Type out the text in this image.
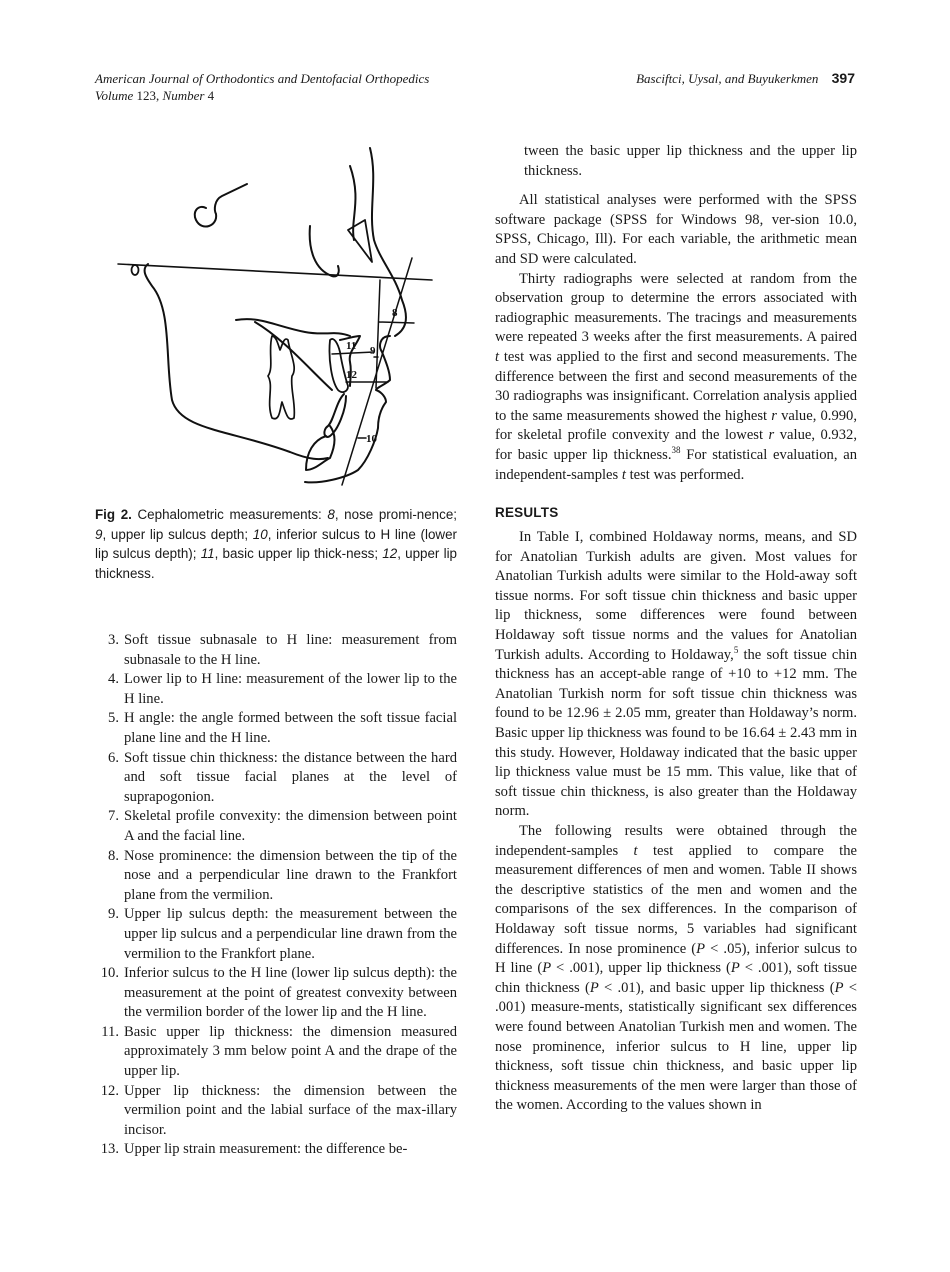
American Journal of Orthodontics and Dentofacial Orthopedics
Volume 123, Number 4
Basciftci, Uysal, and Buyukerkmen 397
8
9
10
11
12
Fig 2. Cephalometric measurements: 8, nose promi-nence; 9, upper lip sulcus depth; 10, inferior sulcus to H line (lower lip sulcus depth); 11, basic upper lip thick-ness; 12, upper lip thickness.
3. Soft tissue subnasale to H line: measurement from subnasale to the H line.
4. Lower lip to H line: measurement of the lower lip to the H line.
5. H angle: the angle formed between the soft tissue facial plane line and the H line.
6. Soft tissue chin thickness: the distance between the hard and soft tissue facial planes at the level of suprapogonion.
7. Skeletal profile convexity: the dimension between point A and the facial line.
8. Nose prominence: the dimension between the tip of the nose and a perpendicular line drawn to the Frankfort plane from the vermilion.
9. Upper lip sulcus depth: the measurement between the upper lip sulcus and a perpendicular line drawn from the vermilion to the Frankfort plane.
10. Inferior sulcus to the H line (lower lip sulcus depth): the measurement at the point of greatest convexity between the vermilion border of the lower lip and the H line.
11. Basic upper lip thickness: the dimension measured approximately 3 mm below point A and the drape of the upper lip.
12. Upper lip thickness: the dimension between the vermilion point and the labial surface of the max-illary incisor.
13. Upper lip strain measurement: the difference be-

tween the basic upper lip thickness and the upper lip thickness.

All statistical analyses were performed with the SPSS software package (SPSS for Windows 98, ver-sion 10.0, SPSS, Chicago, Ill). For each variable, the arithmetic mean and SD were calculated.

Thirty radiographs were selected at random from the observation group to determine the errors associated with radiographic measurements. The tracings and measurements were repeated 3 weeks after the first measurements. A paired t test was applied to the first and second measurements. The difference between the first and second measurements of the 30 radiographs was insignificant. Correlation analysis applied to the same measurements showed the highest r value, 0.990, for skeletal profile convexity and the lowest r value, 0.932, for basic upper lip thickness.$^{38}$ For statistical evaluation, an independent-samples t test was performed.

RESULTS

In Table I, combined Holdaway norms, means, and SD for Anatolian Turkish adults are given. Most values for Anatolian Turkish adults were similar to the Hold-away soft tissue norms. For soft tissue chin thickness and basic upper lip thickness, some differences were found between Holdaway soft tissue norms and the values for Anatolian Turkish adults. According to Holdaway,$^5$ the soft tissue chin thickness has an accept-able range of +10 to +12 mm. The Anatolian Turkish norm for soft tissue chin thickness was found to be 12.96 ± 2.05 mm, greater than Holdaway’s norm. Basic upper lip thickness was found to be 16.64 ± 2.43 mm in this study. However, Holdaway indicated that the basic upper lip thickness value must be 15 mm. This value, like that of soft tissue chin thickness, is also greater than the Holdaway norm.

The following results were obtained through the independent-samples t test applied to compare the measurement differences of men and women. Table II shows the descriptive statistics of the men and women and the comparisons of the sex differences. In the comparison of Holdaway soft tissue norms, 5 variables had significant differences. In nose prominence (P < .05), inferior sulcus to H line (P < .001), upper lip thickness (P < .001), soft tissue chin thickness (P < .01), and basic upper lip thickness (P < .001) measure-ments, statistically significant sex differences were found between Anatolian Turkish men and women. The nose prominence, inferior sulcus to H line, upper lip thickness, soft tissue chin thickness, and basic upper lip thickness measurements of the men were larger than those of the women. According to the values shown in
